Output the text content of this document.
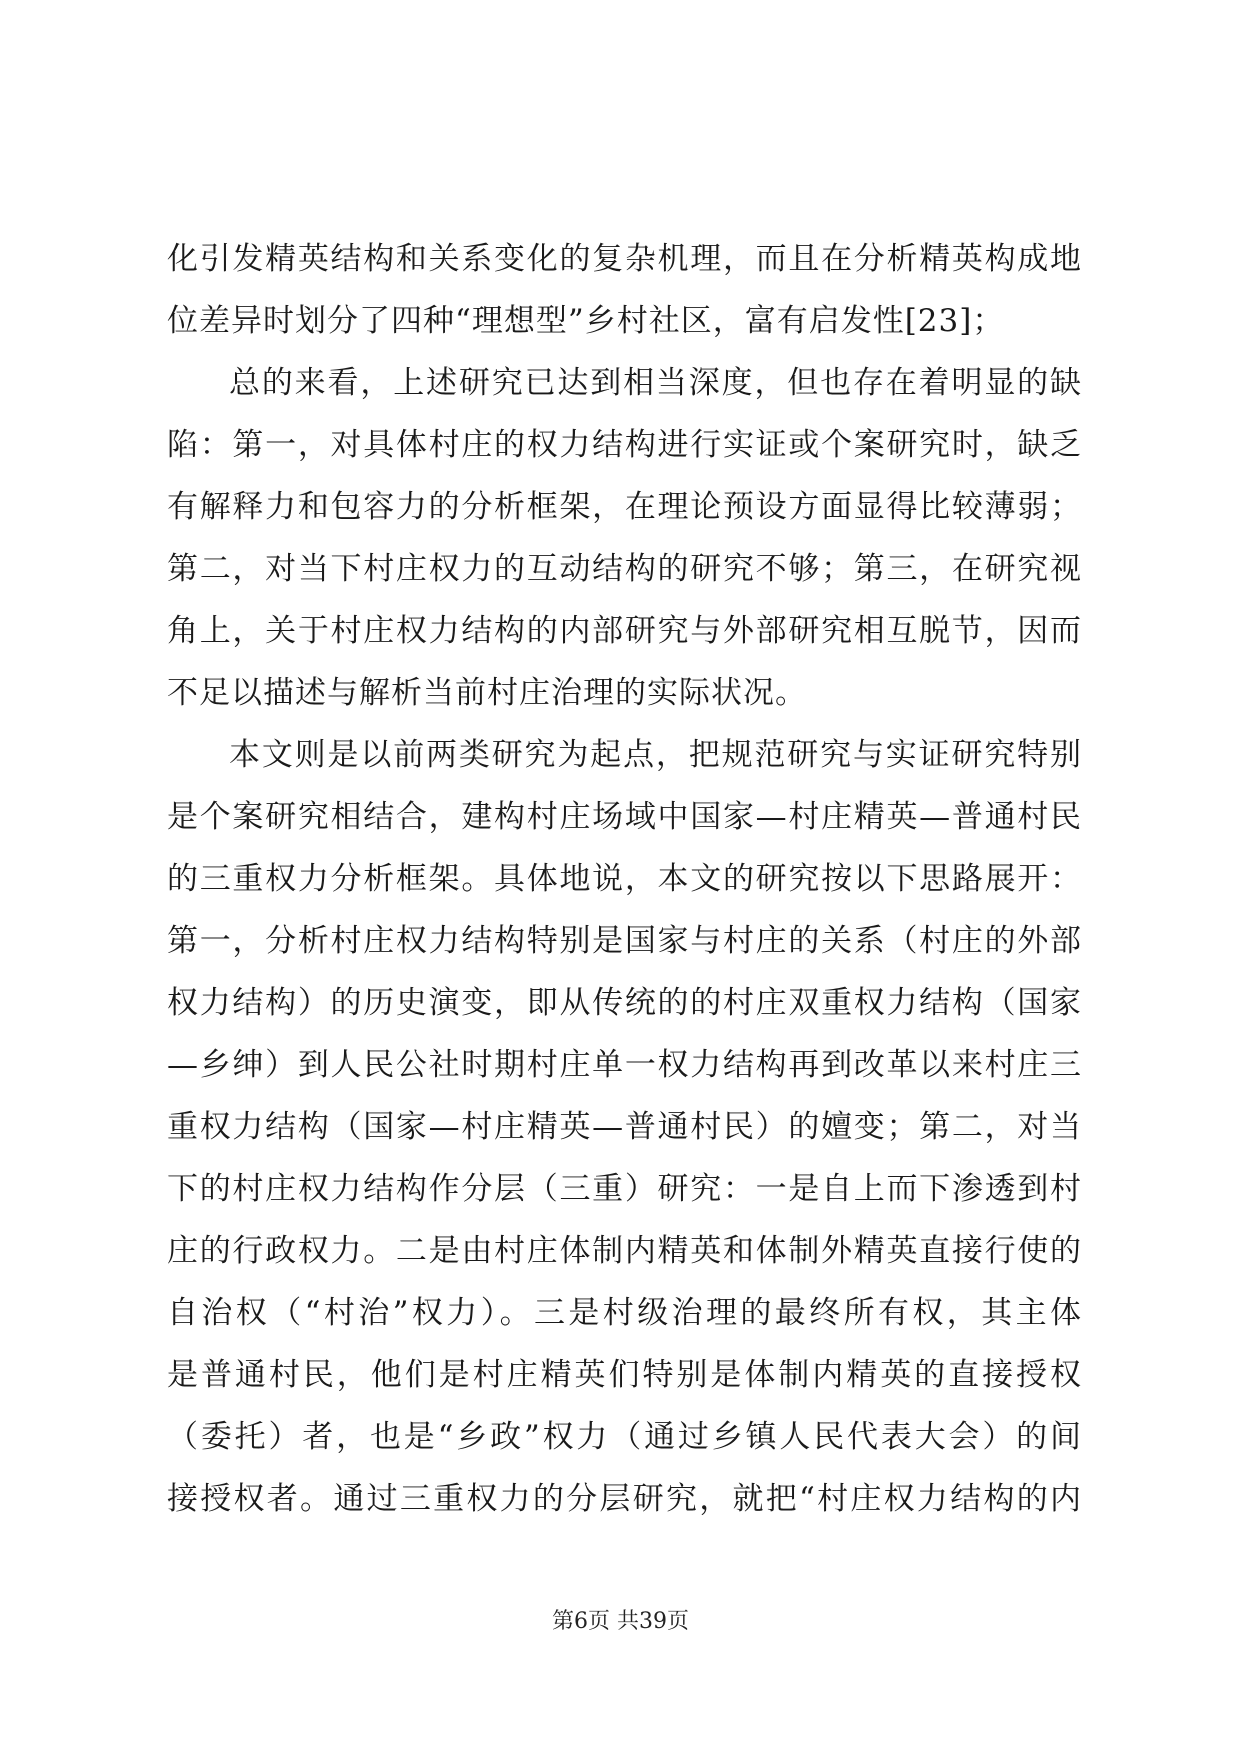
化引发精英结构和关系变化的复杂机理，而且在分析精英构成地
位差异时划分了四种“理想型”乡村社区，富有启发性[23]；
总的来看，上述研究已达到相当深度，但也存在着明显的缺
陷：第一，对具体村庄的权力结构进行实证或个案研究时，缺乏
有解释力和包容力的分析框架，在理论预设方面显得比较薄弱；
第二，对当下村庄权力的互动结构的研究不够；第三，在研究视
角上，关于村庄权力结构的内部研究与外部研究相互脱节，因而
不足以描述与解析当前村庄治理的实际状况。
本文则是以前两类研究为起点，把规范研究与实证研究特别
是个案研究相结合，建构村庄场域中国家—村庄精英—普通村民
的三重权力分析框架。具体地说，本文的研究按以下思路展开：
第一，分析村庄权力结构特别是国家与村庄的关系（村庄的外部
权力结构）的历史演变，即从传统的的村庄双重权力结构（国家
—乡绅）到人民公社时期村庄单一权力结构再到改革以来村庄三
重权力结构（国家—村庄精英—普通村民）的嬗变；第二，对当
下的村庄权力结构作分层（三重）研究：一是自上而下渗透到村
庄的行政权力。二是由村庄体制内精英和体制外精英直接行使的
自治权（“村治”权力）。三是村级治理的最终所有权，其主体
是普通村民，他们是村庄精英们特别是体制内精英的直接授权
（委托）者，也是“乡政”权力（通过乡镇人民代表大会）的间
接授权者。通过三重权力的分层研究，就把“村庄权力结构的内
第6页 共39页
